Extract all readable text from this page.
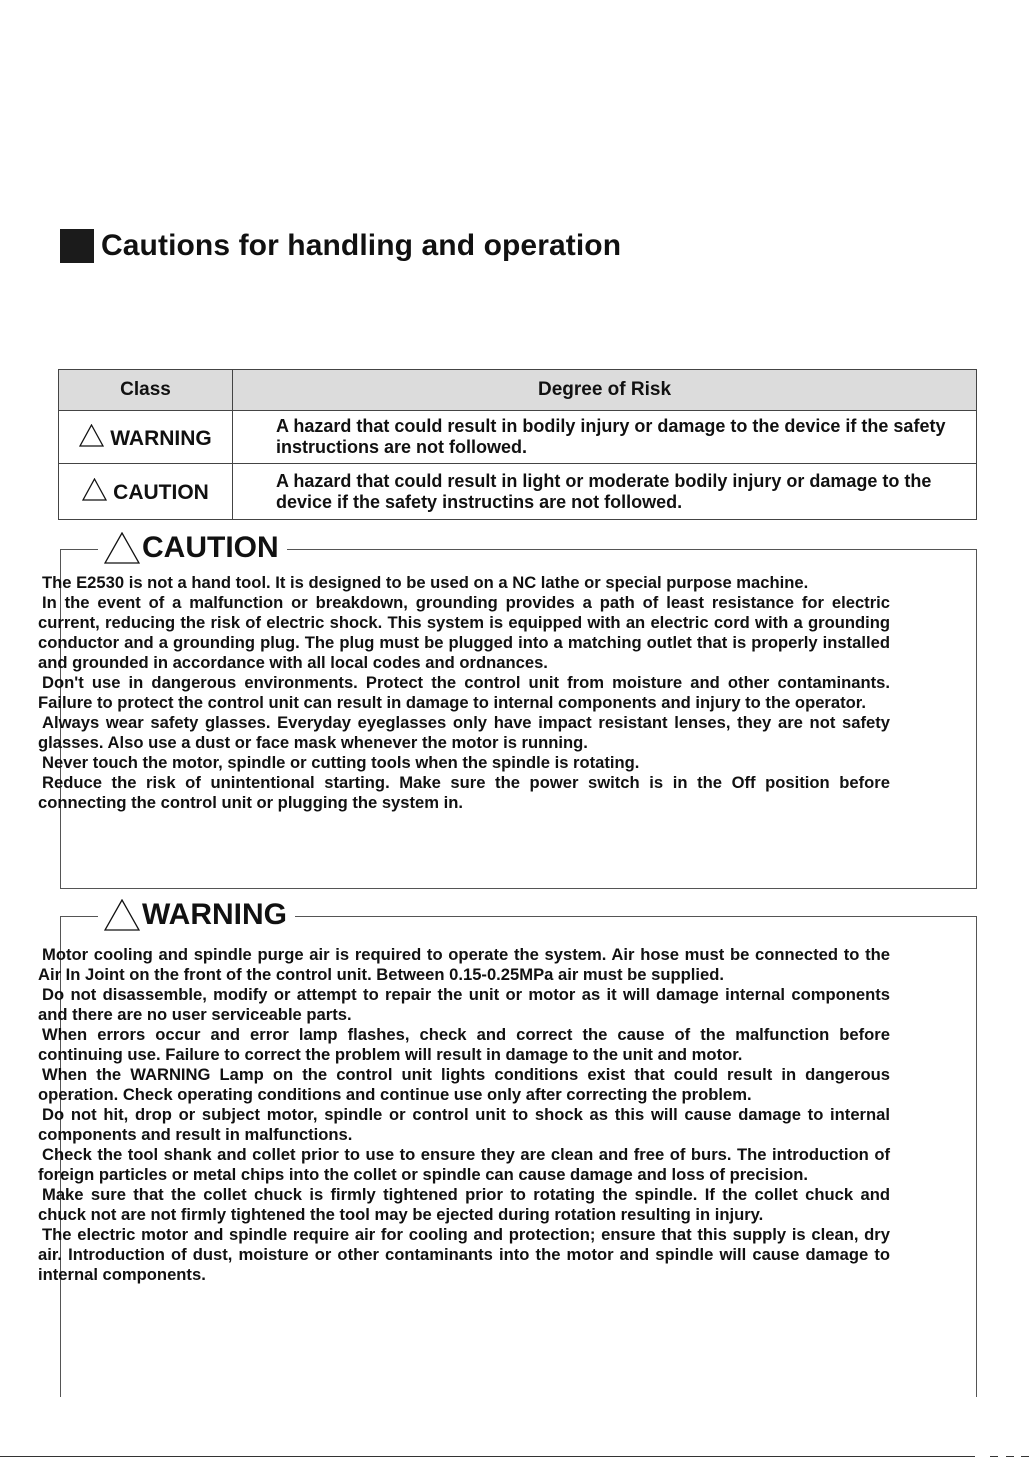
Cautions for handling and operation
Class	Degree of Risk
WARNING	A hazard that could result in bodily injury or damage to the device if the safety instructions are not followed.
CAUTION	A hazard that could result in light or moderate bodily injury or damage to the device if the safety instructins are not followed.
CAUTION

The E2530 is not a hand tool. It is designed to be used on a NC lathe or special purpose machine.

In the event of a malfunction or breakdown, grounding provides a path of least resistance for electric current, reducing the risk of electric shock. This system is equipped with an electric cord with a grounding conductor and a grounding plug. The plug must be plugged into a matching outlet that is properly installed and grounded in accordance with all local codes and ordnances.

Don't use in dangerous environments. Protect the control unit from moisture and other contaminants. Failure to protect the control unit can result in damage to internal components and injury to the operator.

Always wear safety glasses. Everyday eyeglasses only have impact resistant lenses, they are not safety glasses. Also use a dust or face mask whenever the motor is running.

Never touch the motor, spindle or cutting tools when the spindle is rotating.

Reduce the risk of unintentional starting. Make sure the power switch is in the Off position before connecting the control unit or plugging the system in.

WARNING

Motor cooling and spindle purge air is required to operate the system. Air hose must be connected to the Air In Joint on the front of the control unit. Between 0.15-0.25MPa air must be supplied.

Do not disassemble, modify or attempt to repair the unit or motor as it will damage internal components and there are no user serviceable parts.

When errors occur and error lamp flashes, check and correct the cause of the malfunction before continuing use. Failure to correct the problem will result in damage to the unit and motor.

When the WARNING Lamp on the control unit lights conditions exist that could result in dangerous operation. Check operating conditions and continue use only after correcting the problem.

Do not hit, drop or subject motor, spindle or control unit to shock as this will cause damage to internal components and result in malfunctions.

Check the tool shank and collet prior to use to ensure they are clean and free of burs. The introduction of foreign particles or metal chips into the collet or spindle can cause damage and loss of precision.

Make sure that the collet chuck is firmly tightened prior to rotating the spindle. If the collet chuck and chuck not are not firmly tightened the tool may be ejected during rotation resulting in injury.

The electric motor and spindle require air for cooling and protection; ensure that this supply is clean, dry air. Introduction of dust, moisture or other contaminants into the motor and spindle will cause damage to internal components.
